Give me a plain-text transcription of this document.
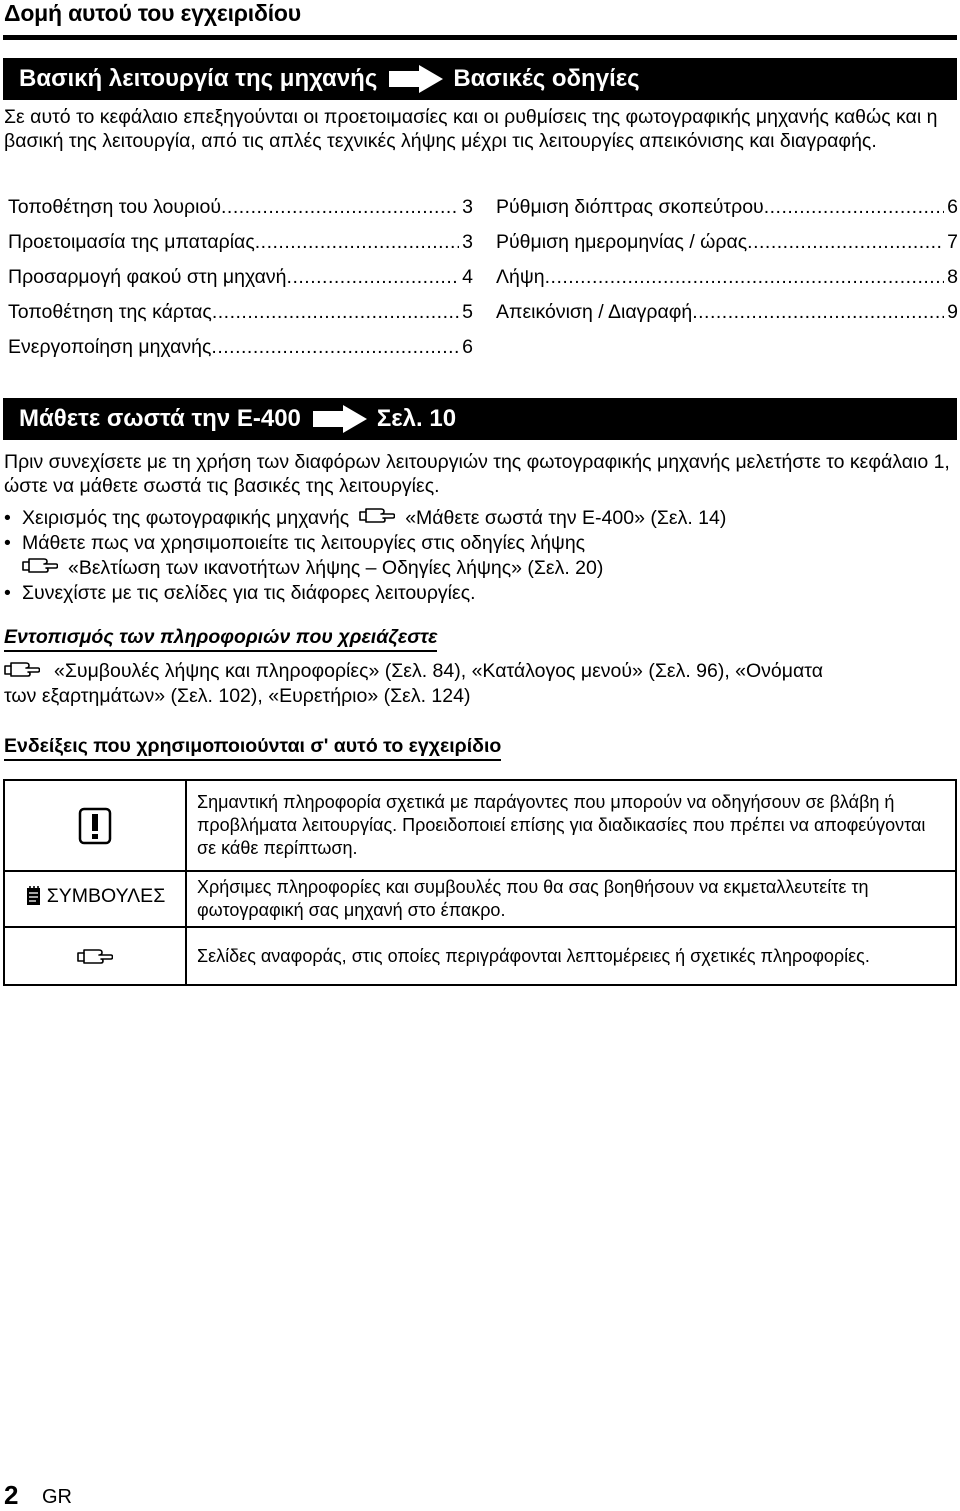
Δομή αυτού του εγχειριδίου
Βασική λειτουργία της μηχανής	Βασικές οδηγίες
Σε αυτό το κεφάλαιο επεξηγούνται οι προετοιμασίες και οι ρυθμίσεις της φωτογραφικής μηχανής καθώς και η βασική της λειτουργία, από τις απλές τεχνικές λήψης μέχρι τις λειτουργίες απεικόνισης και διαγραφής.
Τοποθέτηση του λουριού .....	3
Προετοιμασία της μπαταρίας .....	3
Προσαρμογή φακού στη μηχανή .....	4
Τοποθέτηση της κάρτας .....	5
Ενεργοποίηση μηχανής .....	6
Ρύθμιση διόπτρας σκοπεύτρου .....	6
Ρύθμιση ημερομηνίας / ώρας .....	7
Λήψη .....	8
Απεικόνιση / Διαγραφή .....	9
Μάθετε σωστά την E-400	Σελ. 10
Πριν συνεχίσετε με τη χρήση των διαφόρων λειτουργιών της φωτογραφικής μηχανής μελετήστε το κεφάλαιο 1, ώστε να μάθετε σωστά τις βασικές της λειτουργίες.
• Χειρισμός της φωτογραφικής μηχανής	«Μάθετε σωστά την E-400» (Σελ. 14)
• Μάθετε πως να χρησιμοποιείτε τις λειτουργίες στις οδηγίες λήψης
«Βελτίωση των ικανοτήτων λήψης – Οδηγίες λήψης» (Σελ. 20)
• Συνεχίστε με τις σελίδες για τις διάφορες λειτουργίες.
Εντοπισμός των πληροφοριών που χρειάζεστε
«Συμβουλές λήψης και πληροφορίες» (Σελ. 84), «Κατάλογος μενού» (Σελ. 96), «Ονόματα
των εξαρτημάτων» (Σελ. 102), «Ευρετήριο» (Σελ. 124)
Ενδείξεις που χρησιμοποιούνται σ' αυτό το εγχειρίδιο
	Σημαντική πληροφορία σχετικά με παράγοντες που μπορούν να οδηγήσουν σε βλάβη ή προβλήματα λειτουργίας. Προειδοποιεί επίσης για διαδικασίες που πρέπει να αποφεύγονται σε κάθε περίπτωση.

ΣΥΜΒΟΥΛΕΣ	Χρήσιμες πληροφορίες και συμβουλές που θα σας βοηθήσουν να εκμεταλλευτείτε τη φωτογραφική σας μηχανή στο έπακρο.
	Σελίδες αναφοράς, στις οποίες περιγράφονται λεπτομέρειες ή σχετικές πληροφορίες.
2 GR
